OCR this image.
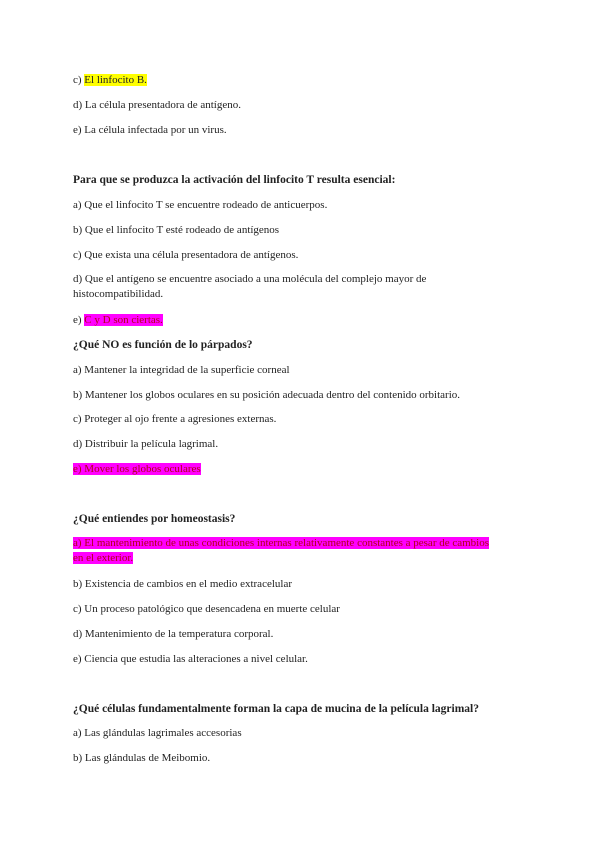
c) El linfocito B.
d) La célula presentadora de antígeno.
e) La célula infectada por un virus.
Para que se produzca la activación del linfocito T resulta esencial:
a) Que el linfocito T se encuentre rodeado de anticuerpos.
b) Que el linfocito T esté rodeado de antígenos
c) Que exista una célula presentadora de antígenos.
d) Que el antígeno se encuentre asociado a una molécula del complejo mayor de histocompatibilidad.
e) C y D son ciertas.
¿Qué NO es función de lo párpados?
a) Mantener la integridad de la superficie corneal
b) Mantener los globos oculares en su posición adecuada dentro del contenido orbitario.
c) Proteger al ojo frente a agresiones externas.
d) Distribuir la película lagrimal.
e) Mover los globos oculares
¿Qué entiendes por homeostasis?
a) El mantenimiento de unas condiciones internas relativamente constantes a pesar de cambios en el exterior.
b) Existencia de cambios en el medio extracelular
c) Un proceso patológico que desencadena en muerte celular
d) Mantenimiento de la temperatura corporal.
e) Ciencia que estudia las alteraciones a nivel celular.
¿Qué células fundamentalmente forman la capa de mucina de la película lagrimal?
a) Las glándulas lagrimales accesorias
b) Las glándulas de Meibomio.
